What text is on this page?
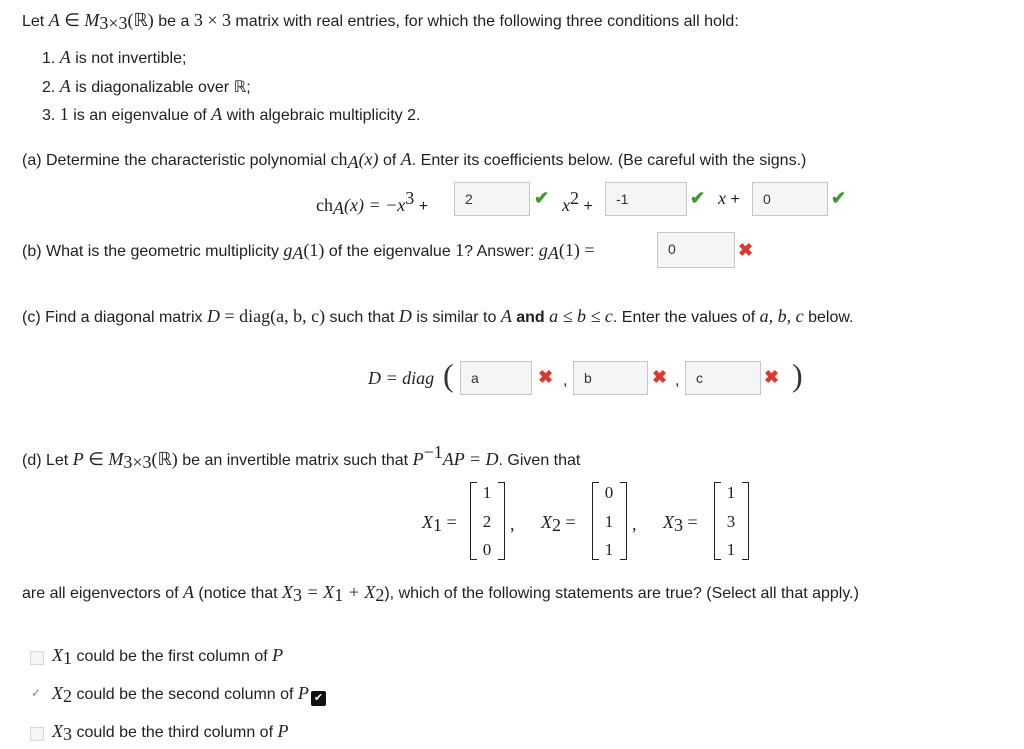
Let A ∈ $M_{3\times 3}(ℝ)$ be a 3 × 3 matrix with real entries, for which the following three conditions all hold:
1. A is not invertible;
2. A is diagonalizable over ℝ;
3. 1 is an eigenvalue of A with algebraic multiplicity 2.
(a) Determine the characteristic polynomial $ch_A(x)$ of A. Enter its coefficients below. (Be careful with the signs.)
$ch_A(x) = -x^3$ +	2	✔ $x^2$ +	-1	✔ x +	0	✔
(b) What is the geometric multiplicity $g_A(1)$ of the eigenvalue 1? Answer: $g_A(1)$ =	0	✖
(c) Find a diagonal matrix D = diag(a, b, c) such that D is similar to A and a ≤ b ≤ c. Enter the values of a, b, c below.
D = diag (	a	✖ ,	b	✖ ,	c	✖ )
(d) Let P ∈ $M_{3\times 3}(ℝ)$ be an invertible matrix such that $P^{-1}AP = D$. Given that
$X_1$ =
1
2
0
, $X_2$ =
0
1
1
, $X_3$ =
1
3
1
are all eigenvectors of A (notice that $X_3 = X_1 + X_2$), which of the following statements are true? (Select all that apply.)
$X_1$ could be the first column of P
✓ $X_2$ could be the second column of P ✔
$X_3$ could be the third column of P
